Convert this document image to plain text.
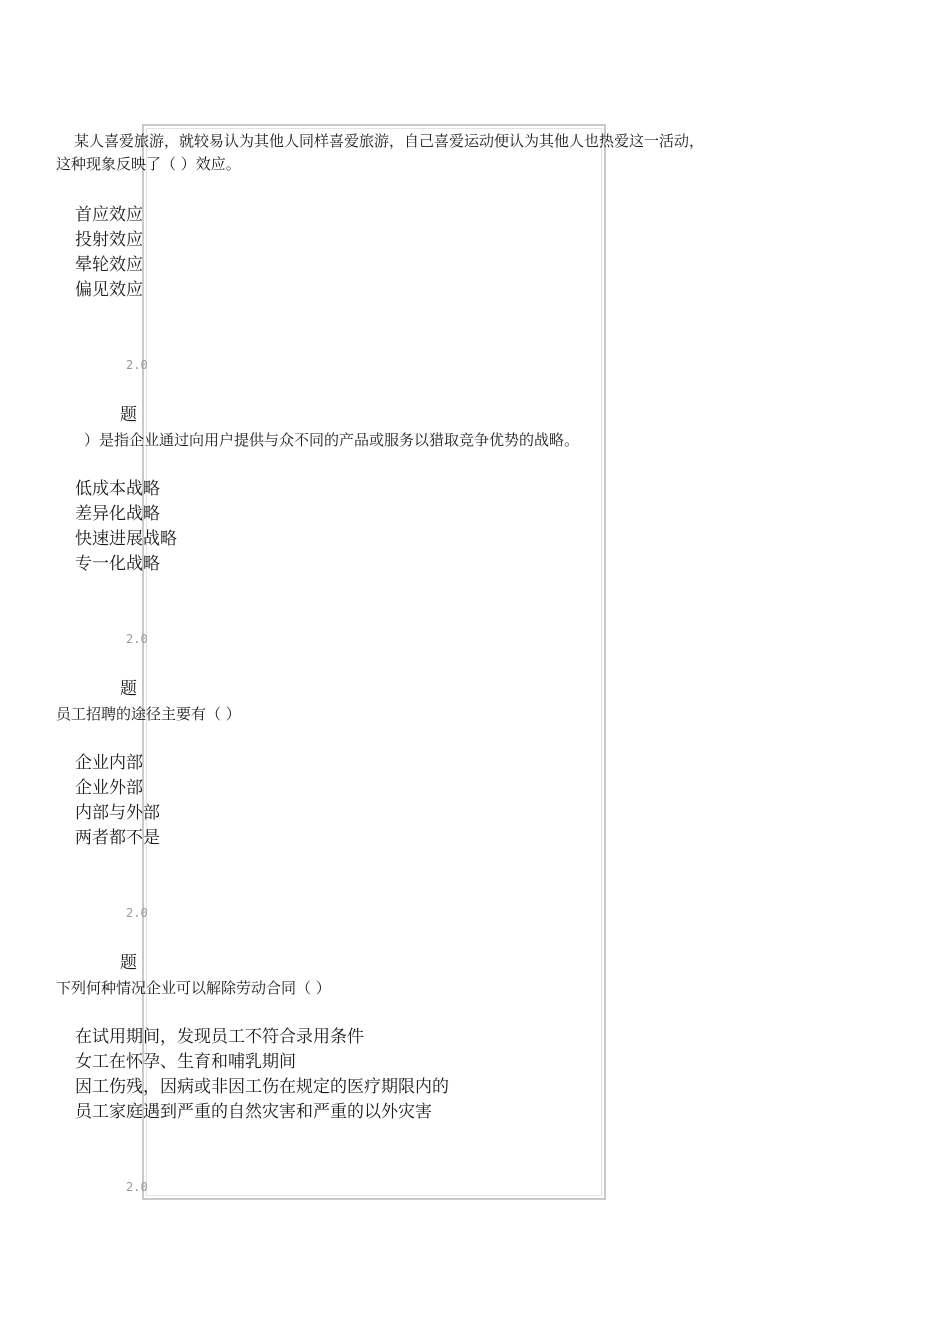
某人喜爱旅游，就较易认为其他人同样喜爱旅游，自己喜爱运动便认为其他人也热爱这一活动，这种现象反映了（ ）效应。

首应效应
投射效应
晕轮效应
偏见效应
2.0
题

）是指企业通过向用户提供与众不同的产品或服务以猎取竞争优势的战略。

低成本战略
差异化战略
快速进展战略
专一化战略
2.0
题

员工招聘的途径主要有（ ）

企业内部
企业外部
内部与外部
两者都不是
2.0
题

下列何种情况企业可以解除劳动合同（ ）

在试用期间，发现员工不符合录用条件
女工在怀孕、生育和哺乳期间
因工伤残，因病或非因工伤在规定的医疗期限内的
员工家庭遇到严重的自然灾害和严重的以外灾害
2.0
